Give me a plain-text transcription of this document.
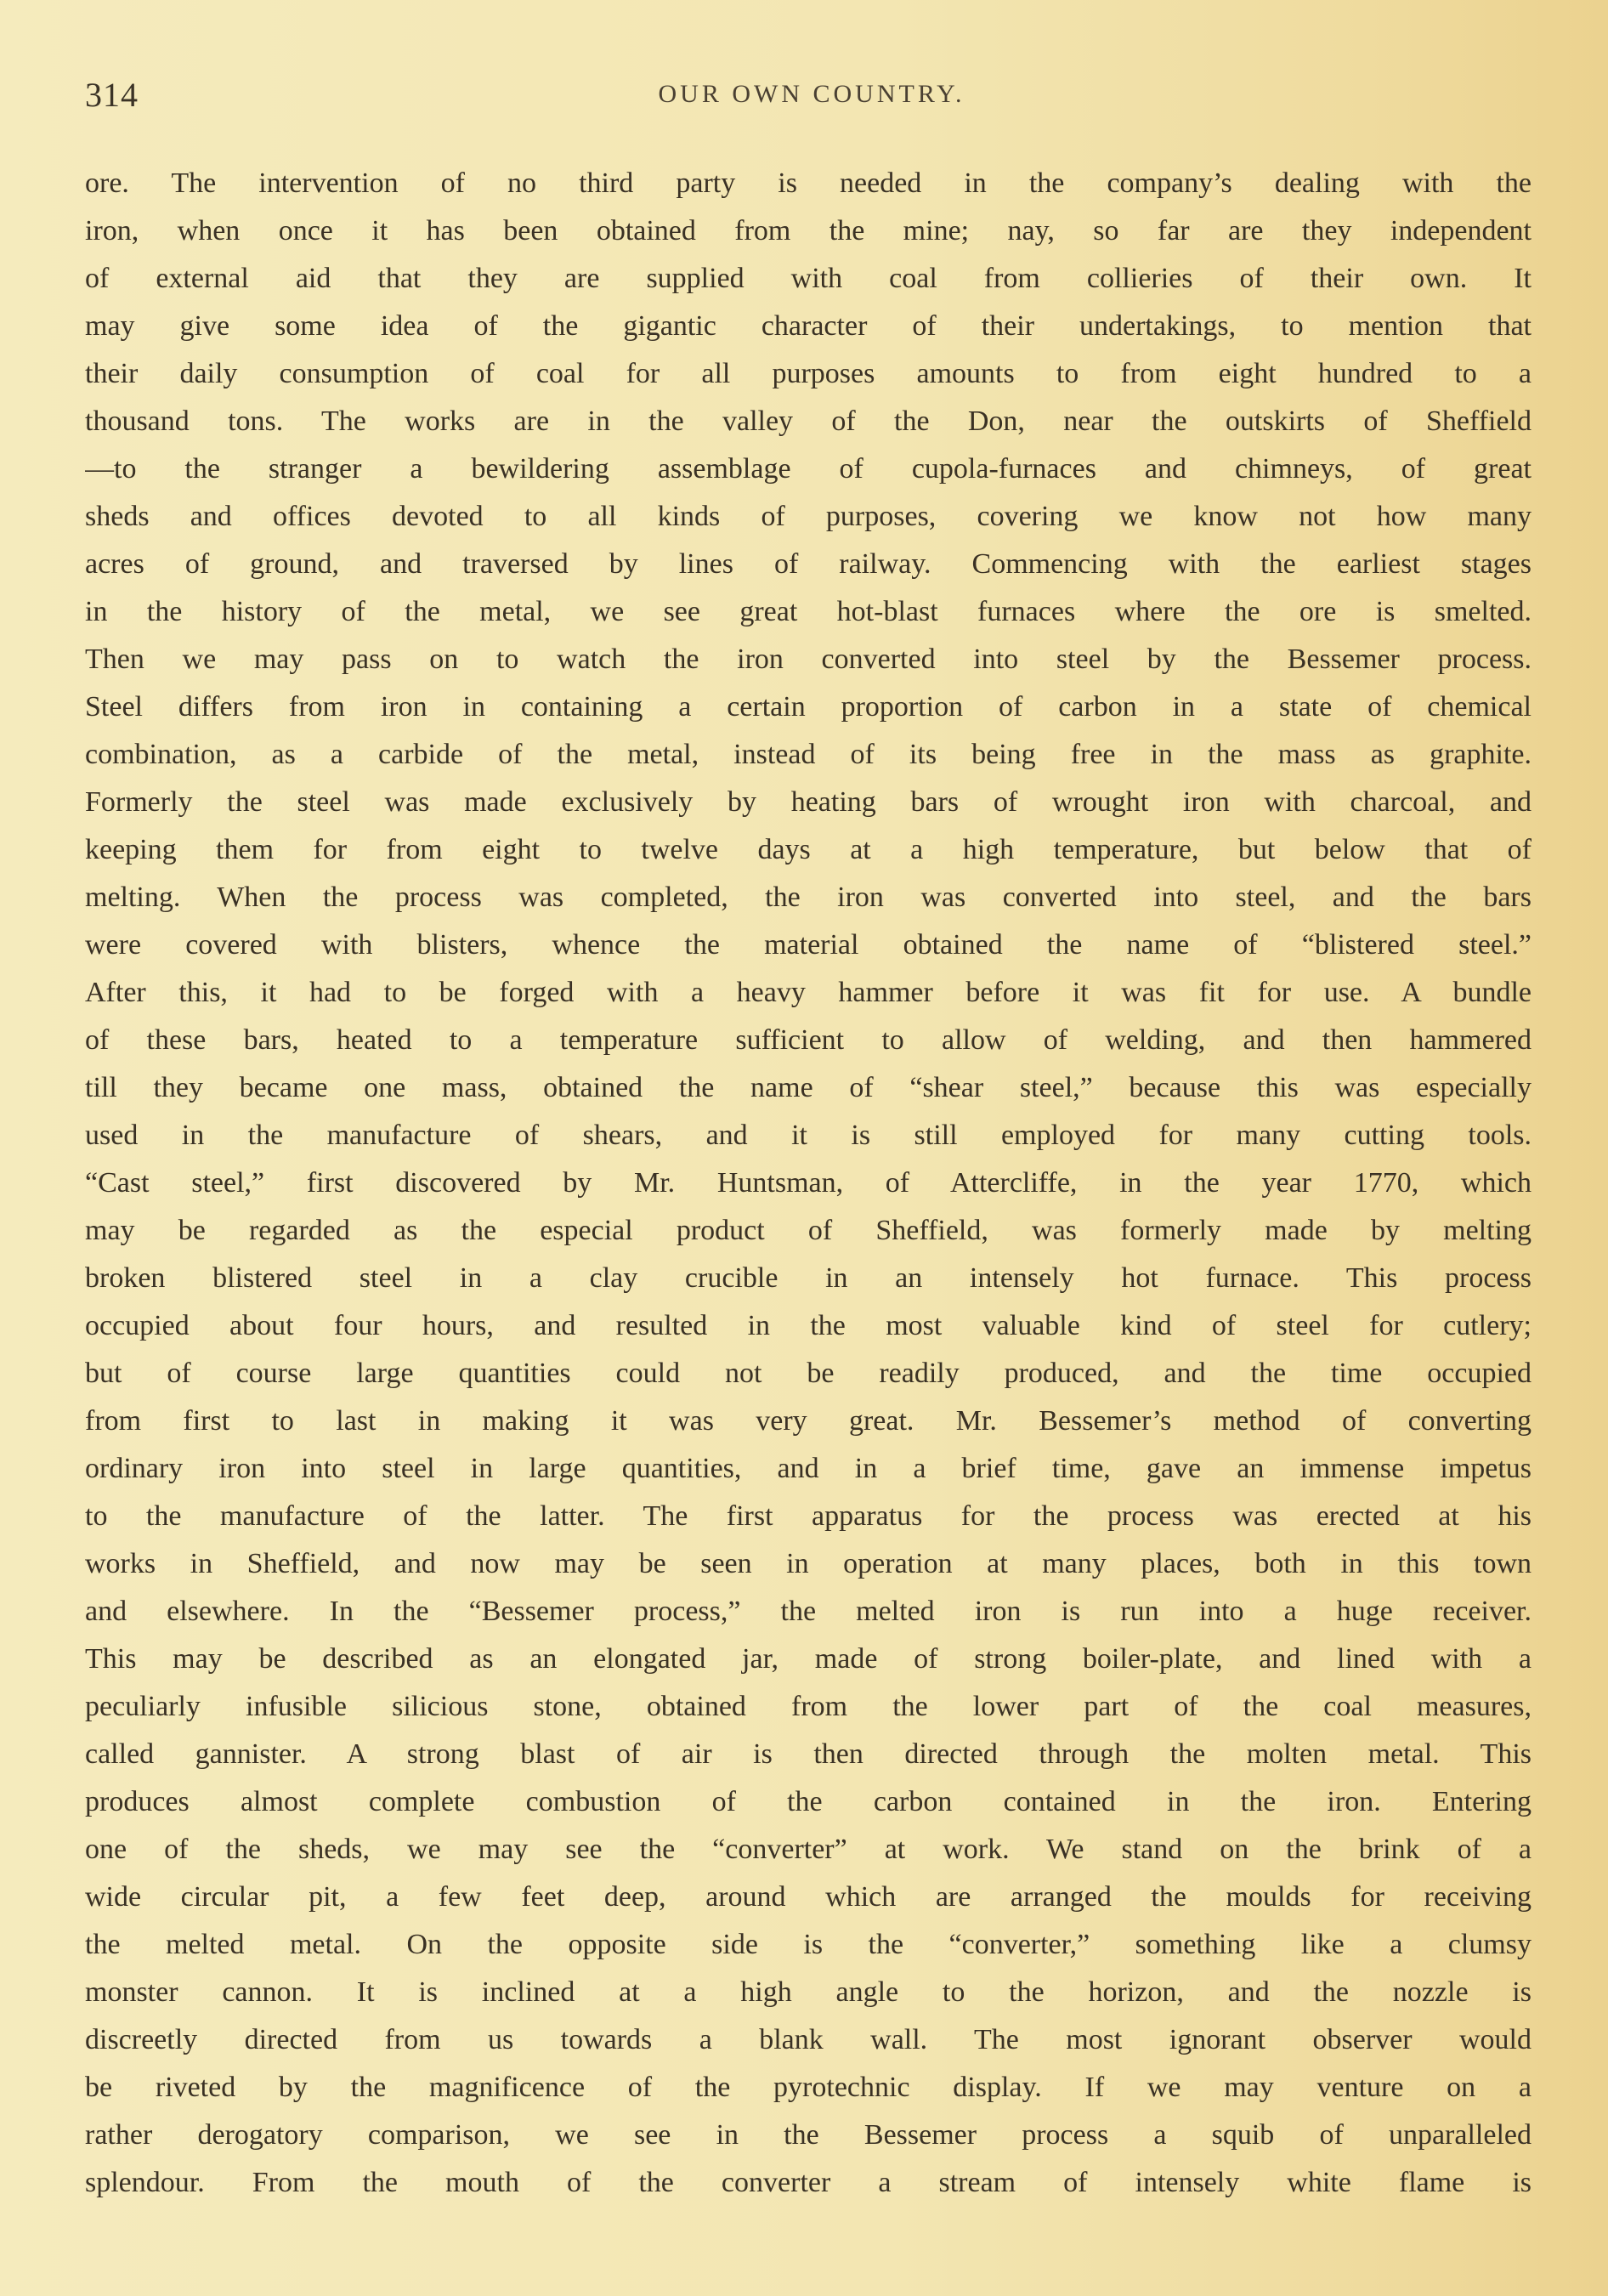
314	OUR OWN COUNTRY.
ore. The intervention of no third party is needed in the company’s dealing with the
iron, when once it has been obtained from the mine; nay, so far are they independent
of external aid that they are supplied with coal from collieries of their own. It
may give some idea of the gigantic character of their undertakings, to mention that
their daily consumption of coal for all purposes amounts to from eight hundred to a
thousand tons. The works are in the valley of the Don, near the outskirts of Sheffield
—to the stranger a bewildering assemblage of cupola-furnaces and chimneys, of great
sheds and offices devoted to all kinds of purposes, covering we know not how many
acres of ground, and traversed by lines of railway. Commencing with the earliest stages
in the history of the metal, we see great hot-blast furnaces where the ore is smelted.
Then we may pass on to watch the iron converted into steel by the Bessemer process.
Steel differs from iron in containing a certain proportion of carbon in a state of chemical
combination, as a carbide of the metal, instead of its being free in the mass as graphite.
Formerly the steel was made exclusively by heating bars of wrought iron with charcoal, and
keeping them for from eight to twelve days at a high temperature, but below that of
melting. When the process was completed, the iron was converted into steel, and the bars
were covered with blisters, whence the material obtained the name of “blistered steel.”
After this, it had to be forged with a heavy hammer before it was fit for use. A bundle
of these bars, heated to a temperature sufficient to allow of welding, and then hammered
till they became one mass, obtained the name of “shear steel,” because this was especially
used in the manufacture of shears, and it is still employed for many cutting tools.
“Cast steel,” first discovered by Mr. Huntsman, of Attercliffe, in the year 1770, which
may be regarded as the especial product of Sheffield, was formerly made by melting
broken blistered steel in a clay crucible in an intensely hot furnace. This process
occupied about four hours, and resulted in the most valuable kind of steel for cutlery;
but of course large quantities could not be readily produced, and the time occupied
from first to last in making it was very great. Mr. Bessemer’s method of converting
ordinary iron into steel in large quantities, and in a brief time, gave an immense impetus
to the manufacture of the latter. The first apparatus for the process was erected at his
works in Sheffield, and now may be seen in operation at many places, both in this town
and elsewhere. In the “Bessemer process,” the melted iron is run into a huge receiver.
This may be described as an elongated jar, made of strong boiler-plate, and lined with a
peculiarly infusible silicious stone, obtained from the lower part of the coal measures,
called gannister. A strong blast of air is then directed through the molten metal. This
produces almost complete combustion of the carbon contained in the iron. Entering
one of the sheds, we may see the “converter” at work. We stand on the brink of a
wide circular pit, a few feet deep, around which are arranged the moulds for receiving
the melted metal. On the opposite side is the “converter,” something like a clumsy
monster cannon. It is inclined at a high angle to the horizon, and the nozzle is
discreetly directed from us towards a blank wall. The most ignorant observer would
be riveted by the magnificence of the pyrotechnic display. If we may venture on a
rather derogatory comparison, we see in the Bessemer process a squib of unparalleled
splendour. From the mouth of the converter a stream of intensely white flame is
